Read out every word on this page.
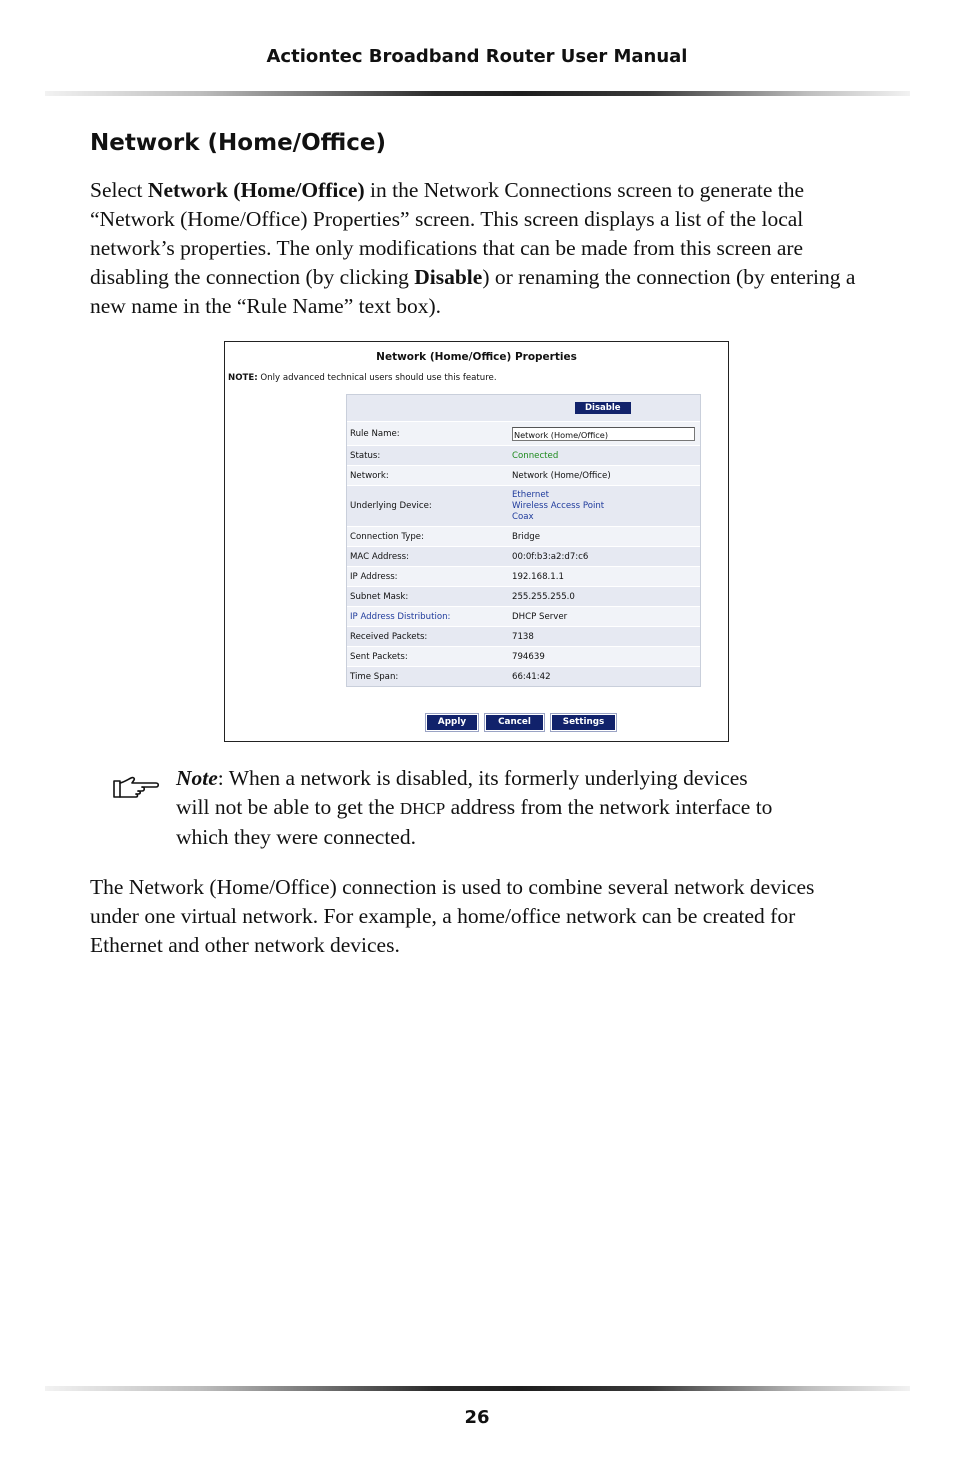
Actiontec Broadband Router User Manual
Network (Home/Office)

Select Network (Home/Office) in the Network Connections screen to generate the “Network (Home/Office) Properties” screen. This screen displays a list of the local network’s properties. The only modifications that can be made from this screen are disabling the connection (by clicking Disable) or renaming the connection (by entering a new name in the “Rule Name” text box).

Network (Home/Office) Properties
NOTE: Only advanced technical users should use this feature.
Disable
Rule Name:	Network (Home/Office)
Status:	Connected
Network:	Network (Home/Office)
Underlying Device:
Ethernet
Wireless Access Point
Coax
Connection Type:	Bridge
MAC Address:	00:0f:b3:a2:d7:c6
IP Address:	192.168.1.1
Subnet Mask:	255.255.255.0
IP Address Distribution:	DHCP Server
Received Packets:	7138
Sent Packets:	794639
Time Span:	66:41:42
Apply	Cancel	Settings

Note: When a network is disabled, its formerly underlying devices will not be able to get the DHCP address from the network interface to which they were connected.

The Network (Home/Office) connection is used to combine several network devices under one virtual network. For example, a home/office network can be created for Ethernet and other network devices.

26
